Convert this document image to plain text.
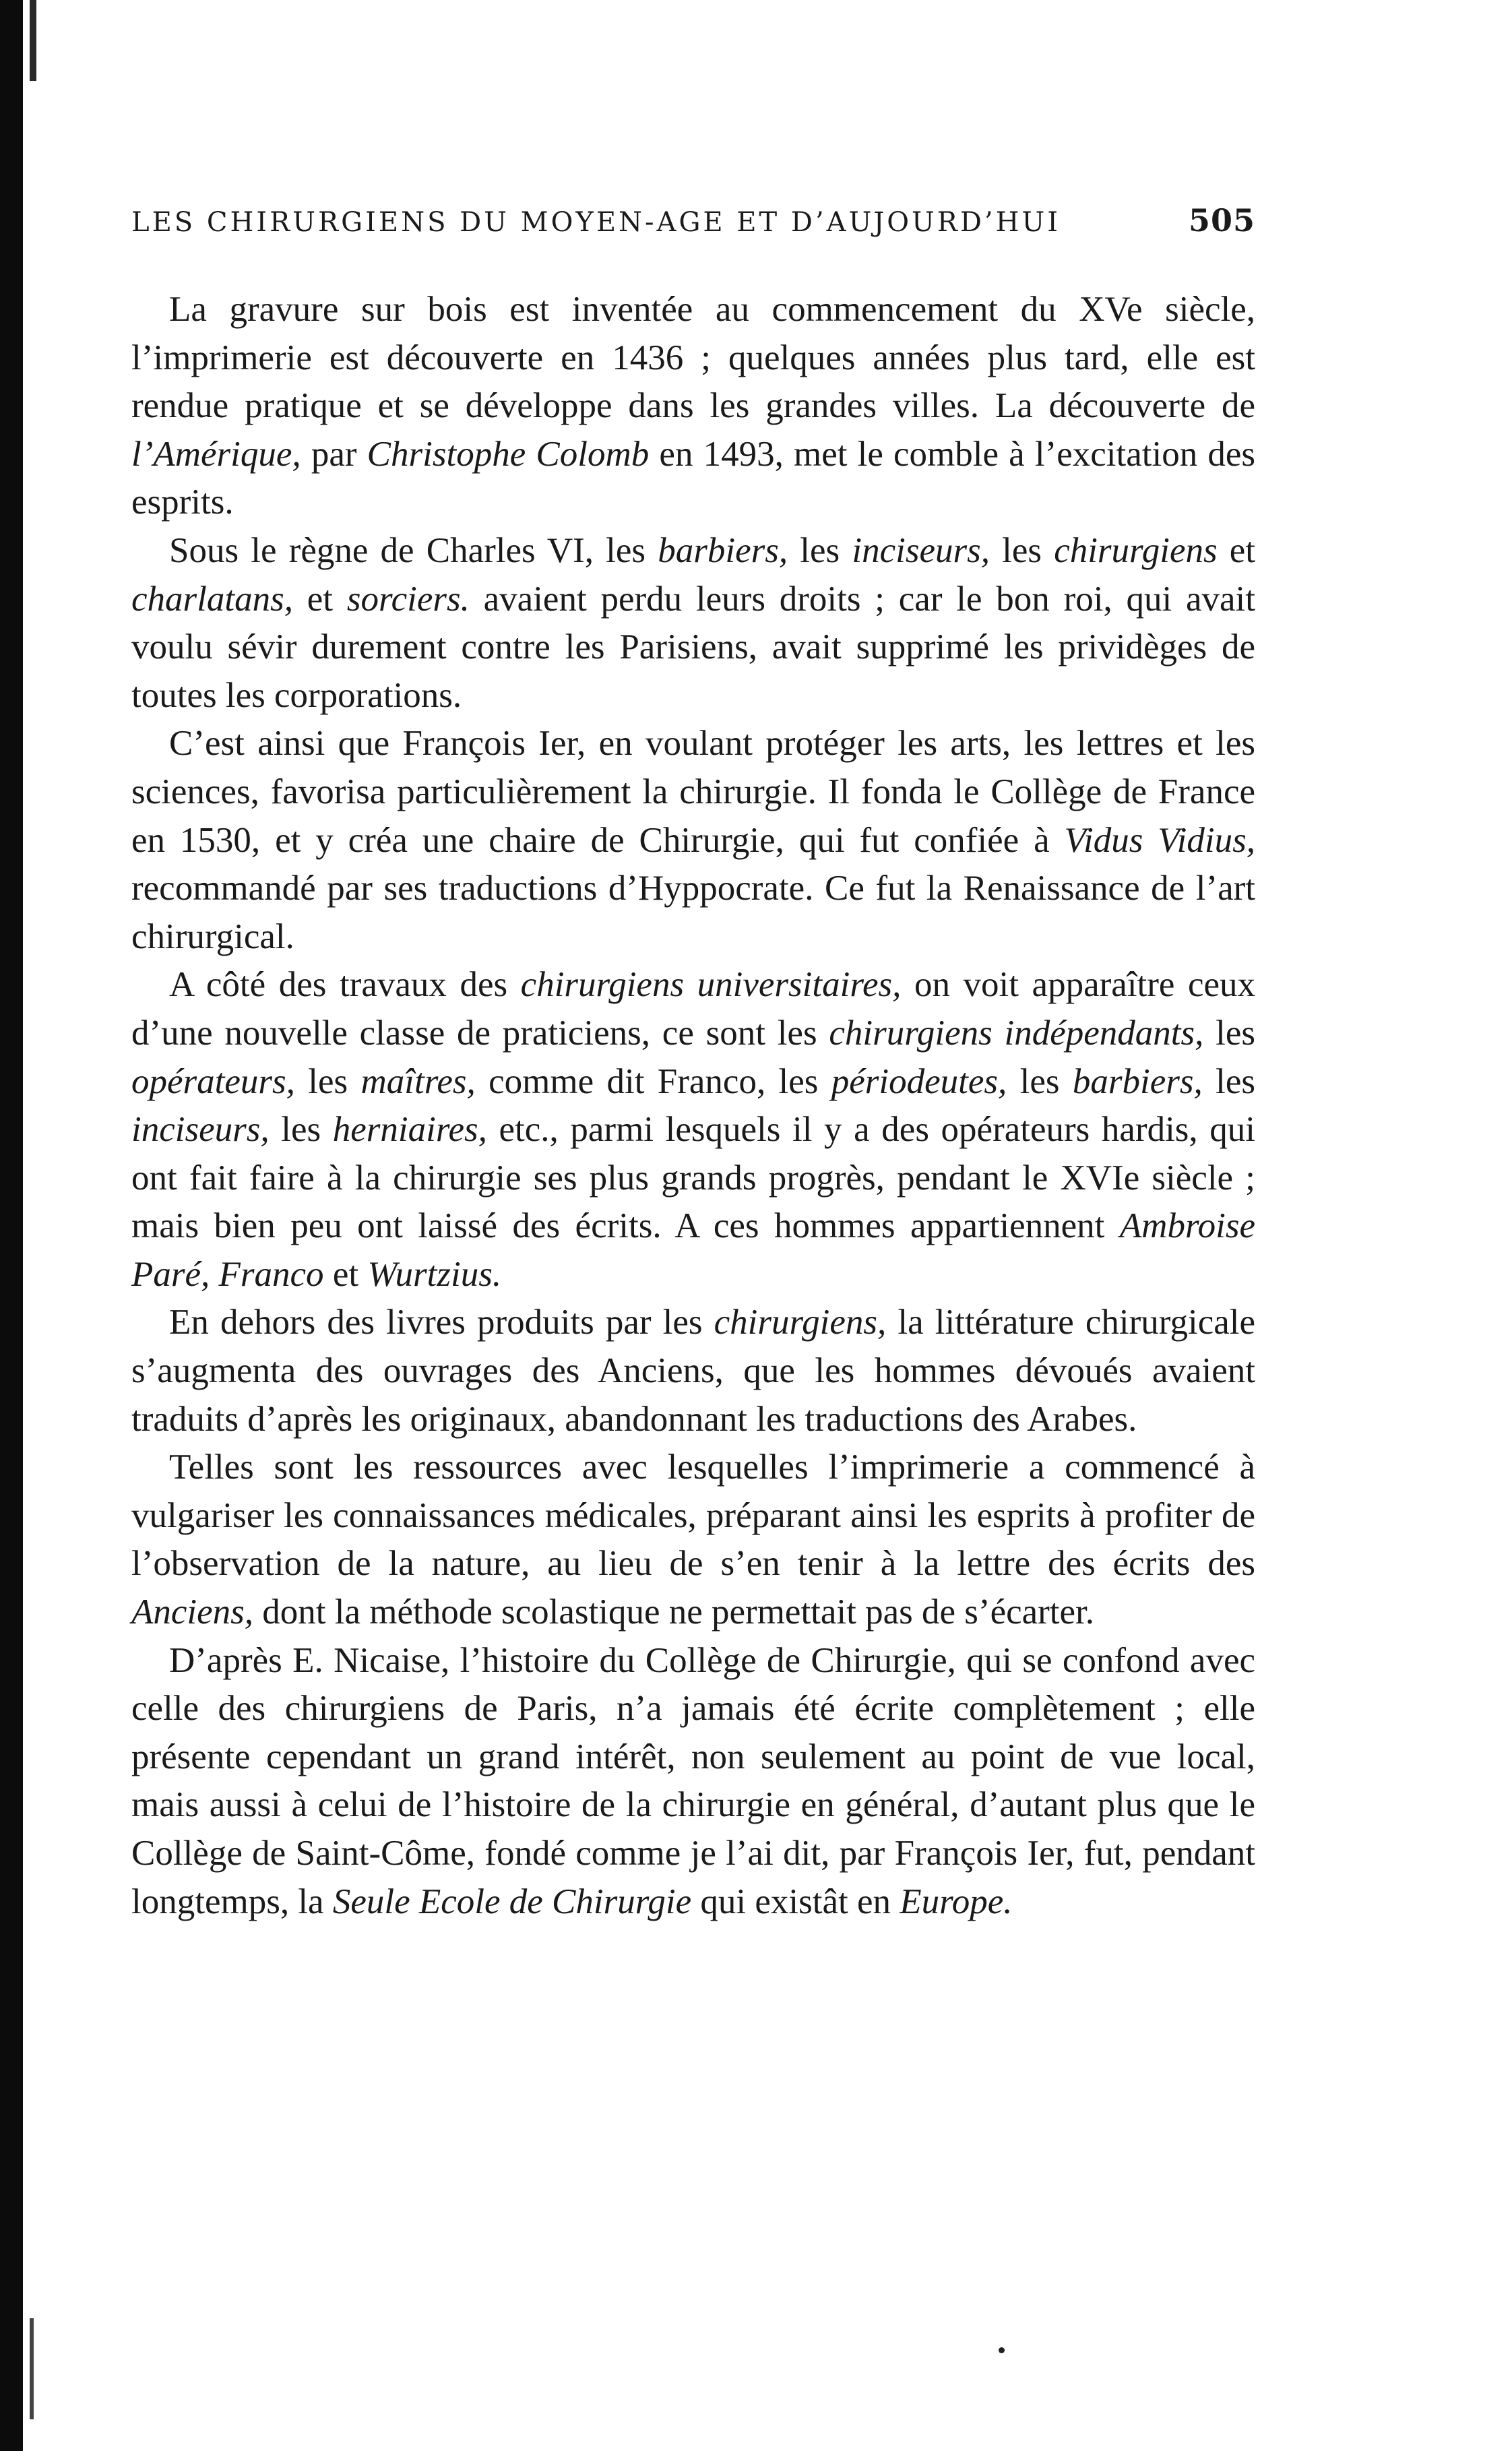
LES CHIRURGIENS DU MOYEN-AGE ET D’AUJOURD’HUI	505

La gravure sur bois est inventée au commencement du XVe siècle, l’imprimerie est découverte en 1436 ; quelques années plus tard, elle est rendue pratique et se développe dans les grandes villes. La découverte de l’Amérique, par Christophe Colomb en 1493, met le comble à l’excitation des esprits.

Sous le règne de Charles VI, les barbiers, les inciseurs, les chirurgiens et charlatans, et sorciers. avaient perdu leurs droits ; car le bon roi, qui avait voulu sévir durement contre les Parisiens, avait supprimé les prividèges de toutes les corporations.

C’est ainsi que François Ier, en voulant protéger les arts, les lettres et les sciences, favorisa particulièrement la chirurgie. Il fonda le Collège de France en 1530, et y créa une chaire de Chirurgie, qui fut confiée à Vidus Vidius, recommandé par ses traductions d’Hyppocrate. Ce fut la Renaissance de l’art chirurgical.

A côté des travaux des chirurgiens universitaires, on voit apparaître ceux d’une nouvelle classe de praticiens, ce sont les chirurgiens indépendants, les opérateurs, les maîtres, comme dit Franco, les périodeutes, les barbiers, les inciseurs, les herniaires, etc., parmi lesquels il y a des opérateurs hardis, qui ont fait faire à la chirurgie ses plus grands progrès, pendant le XVIe siècle ; mais bien peu ont laissé des écrits. A ces hommes appartiennent Ambroise Paré, Franco et Wurtzius.

En dehors des livres produits par les chirurgiens, la littérature chirurgicale s’augmenta des ouvrages des Anciens, que les hommes dévoués avaient traduits d’après les originaux, abandonnant les traductions des Arabes.

Telles sont les ressources avec lesquelles l’imprimerie a commencé à vulgariser les connaissances médicales, préparant ainsi les esprits à profiter de l’observation de la nature, au lieu de s’en tenir à la lettre des écrits des Anciens, dont la méthode scolastique ne permettait pas de s’écarter.

D’après E. Nicaise, l’histoire du Collège de Chirurgie, qui se confond avec celle des chirurgiens de Paris, n’a jamais été écrite complètement ; elle présente cependant un grand intérêt, non seulement au point de vue local, mais aussi à celui de l’histoire de la chirurgie en général, d’autant plus que le Collège de Saint-Côme, fondé comme je l’ai dit, par François Ier, fut, pendant longtemps, la Seule Ecole de Chirurgie qui existât en Europe.
